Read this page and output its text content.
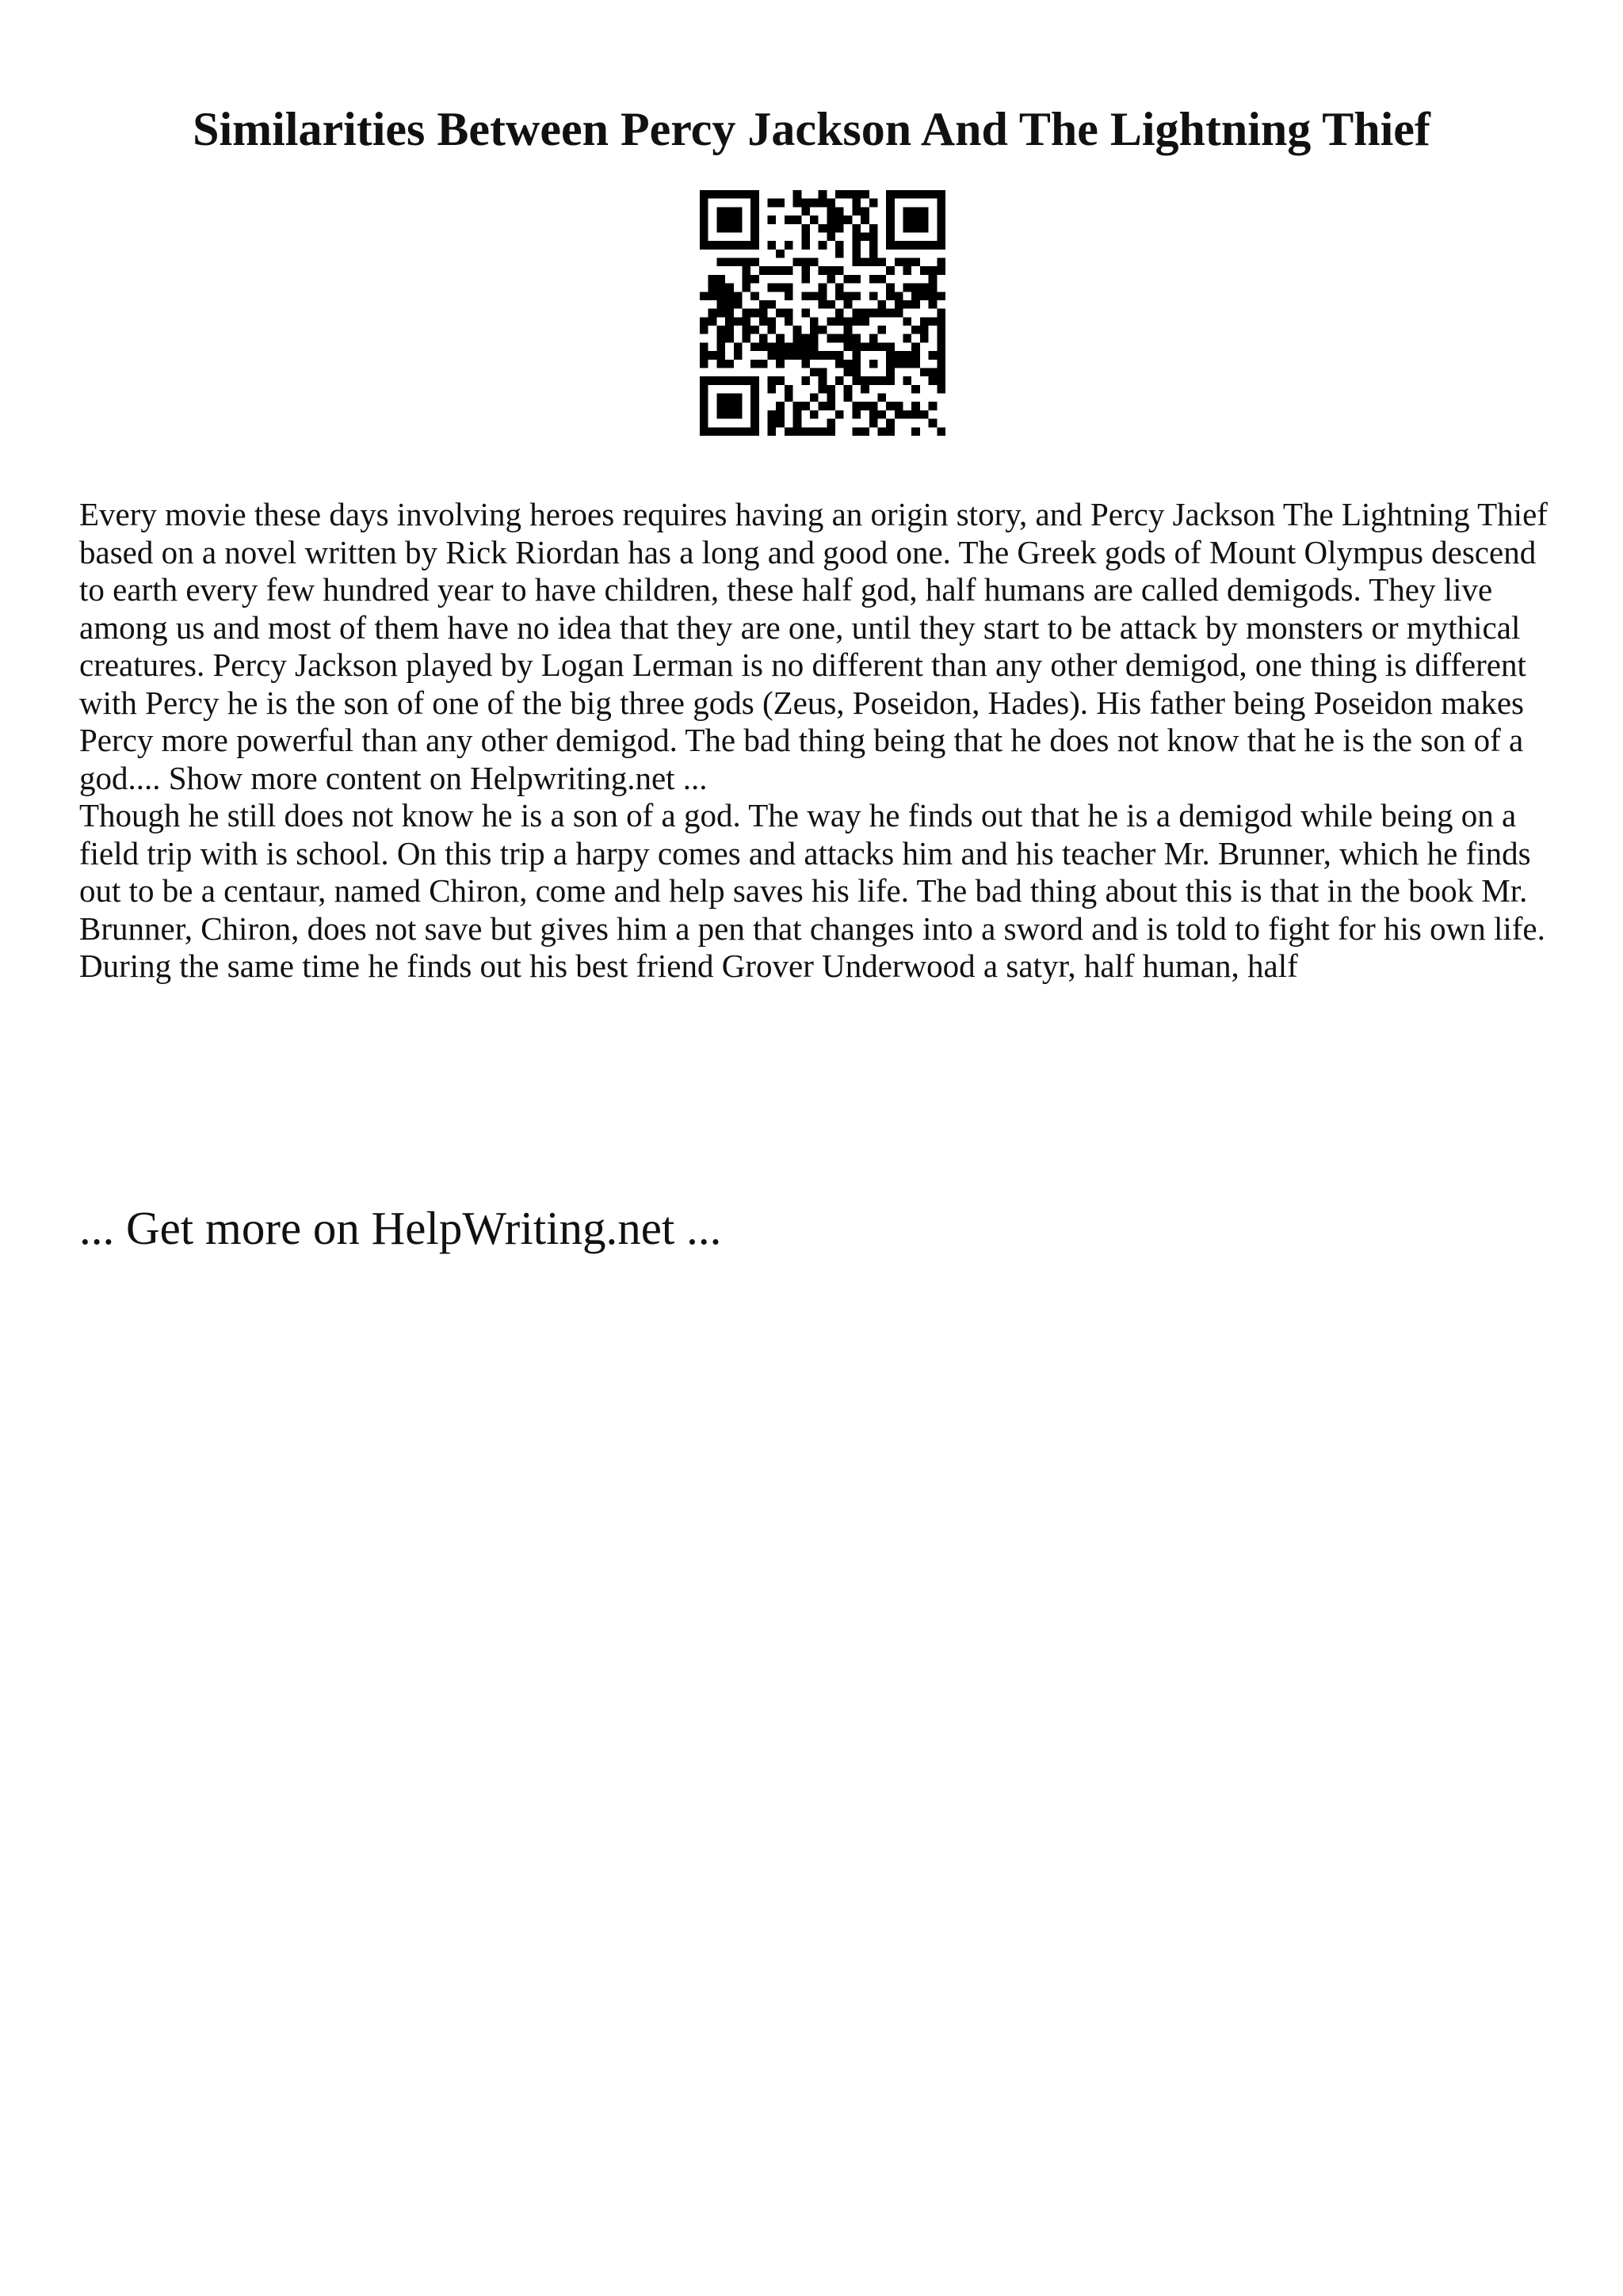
Similarities Between Percy Jackson And The Lightning Thief

Every movie these days involving heroes requires having an origin story, and Percy Jackson The Lightning Thief based on a novel written by Rick Riordan has a long and good one. The Greek gods of Mount Olympus descend to earth every few hundred year to have children, these half god, half humans are called demigods. They live among us and most of them have no idea that they are one, until they start to be attack by monsters or mythical creatures. Percy Jackson played by Logan Lerman is no different than any other demigod, one thing is different with Percy he is the son of one of the big three gods (Zeus, Poseidon, Hades). His father being Poseidon makes Percy more powerful than any other demigod. The bad thing being that he does not know that he is the son of a god.... Show more content on Helpwriting.net ...

Though he still does not know he is a son of a god. The way he finds out that he is a demigod while being on a field trip with is school. On this trip a harpy comes and attacks him and his teacher Mr. Brunner, which he finds out to be a centaur, named Chiron, come and help saves his life. The bad thing about this is that in the book Mr. Brunner, Chiron, does not save but gives him a pen that changes into a sword and is told to fight for his own life. During the same time he finds out his best friend Grover Underwood a satyr, half human, half

... Get more on HelpWriting.net ...
